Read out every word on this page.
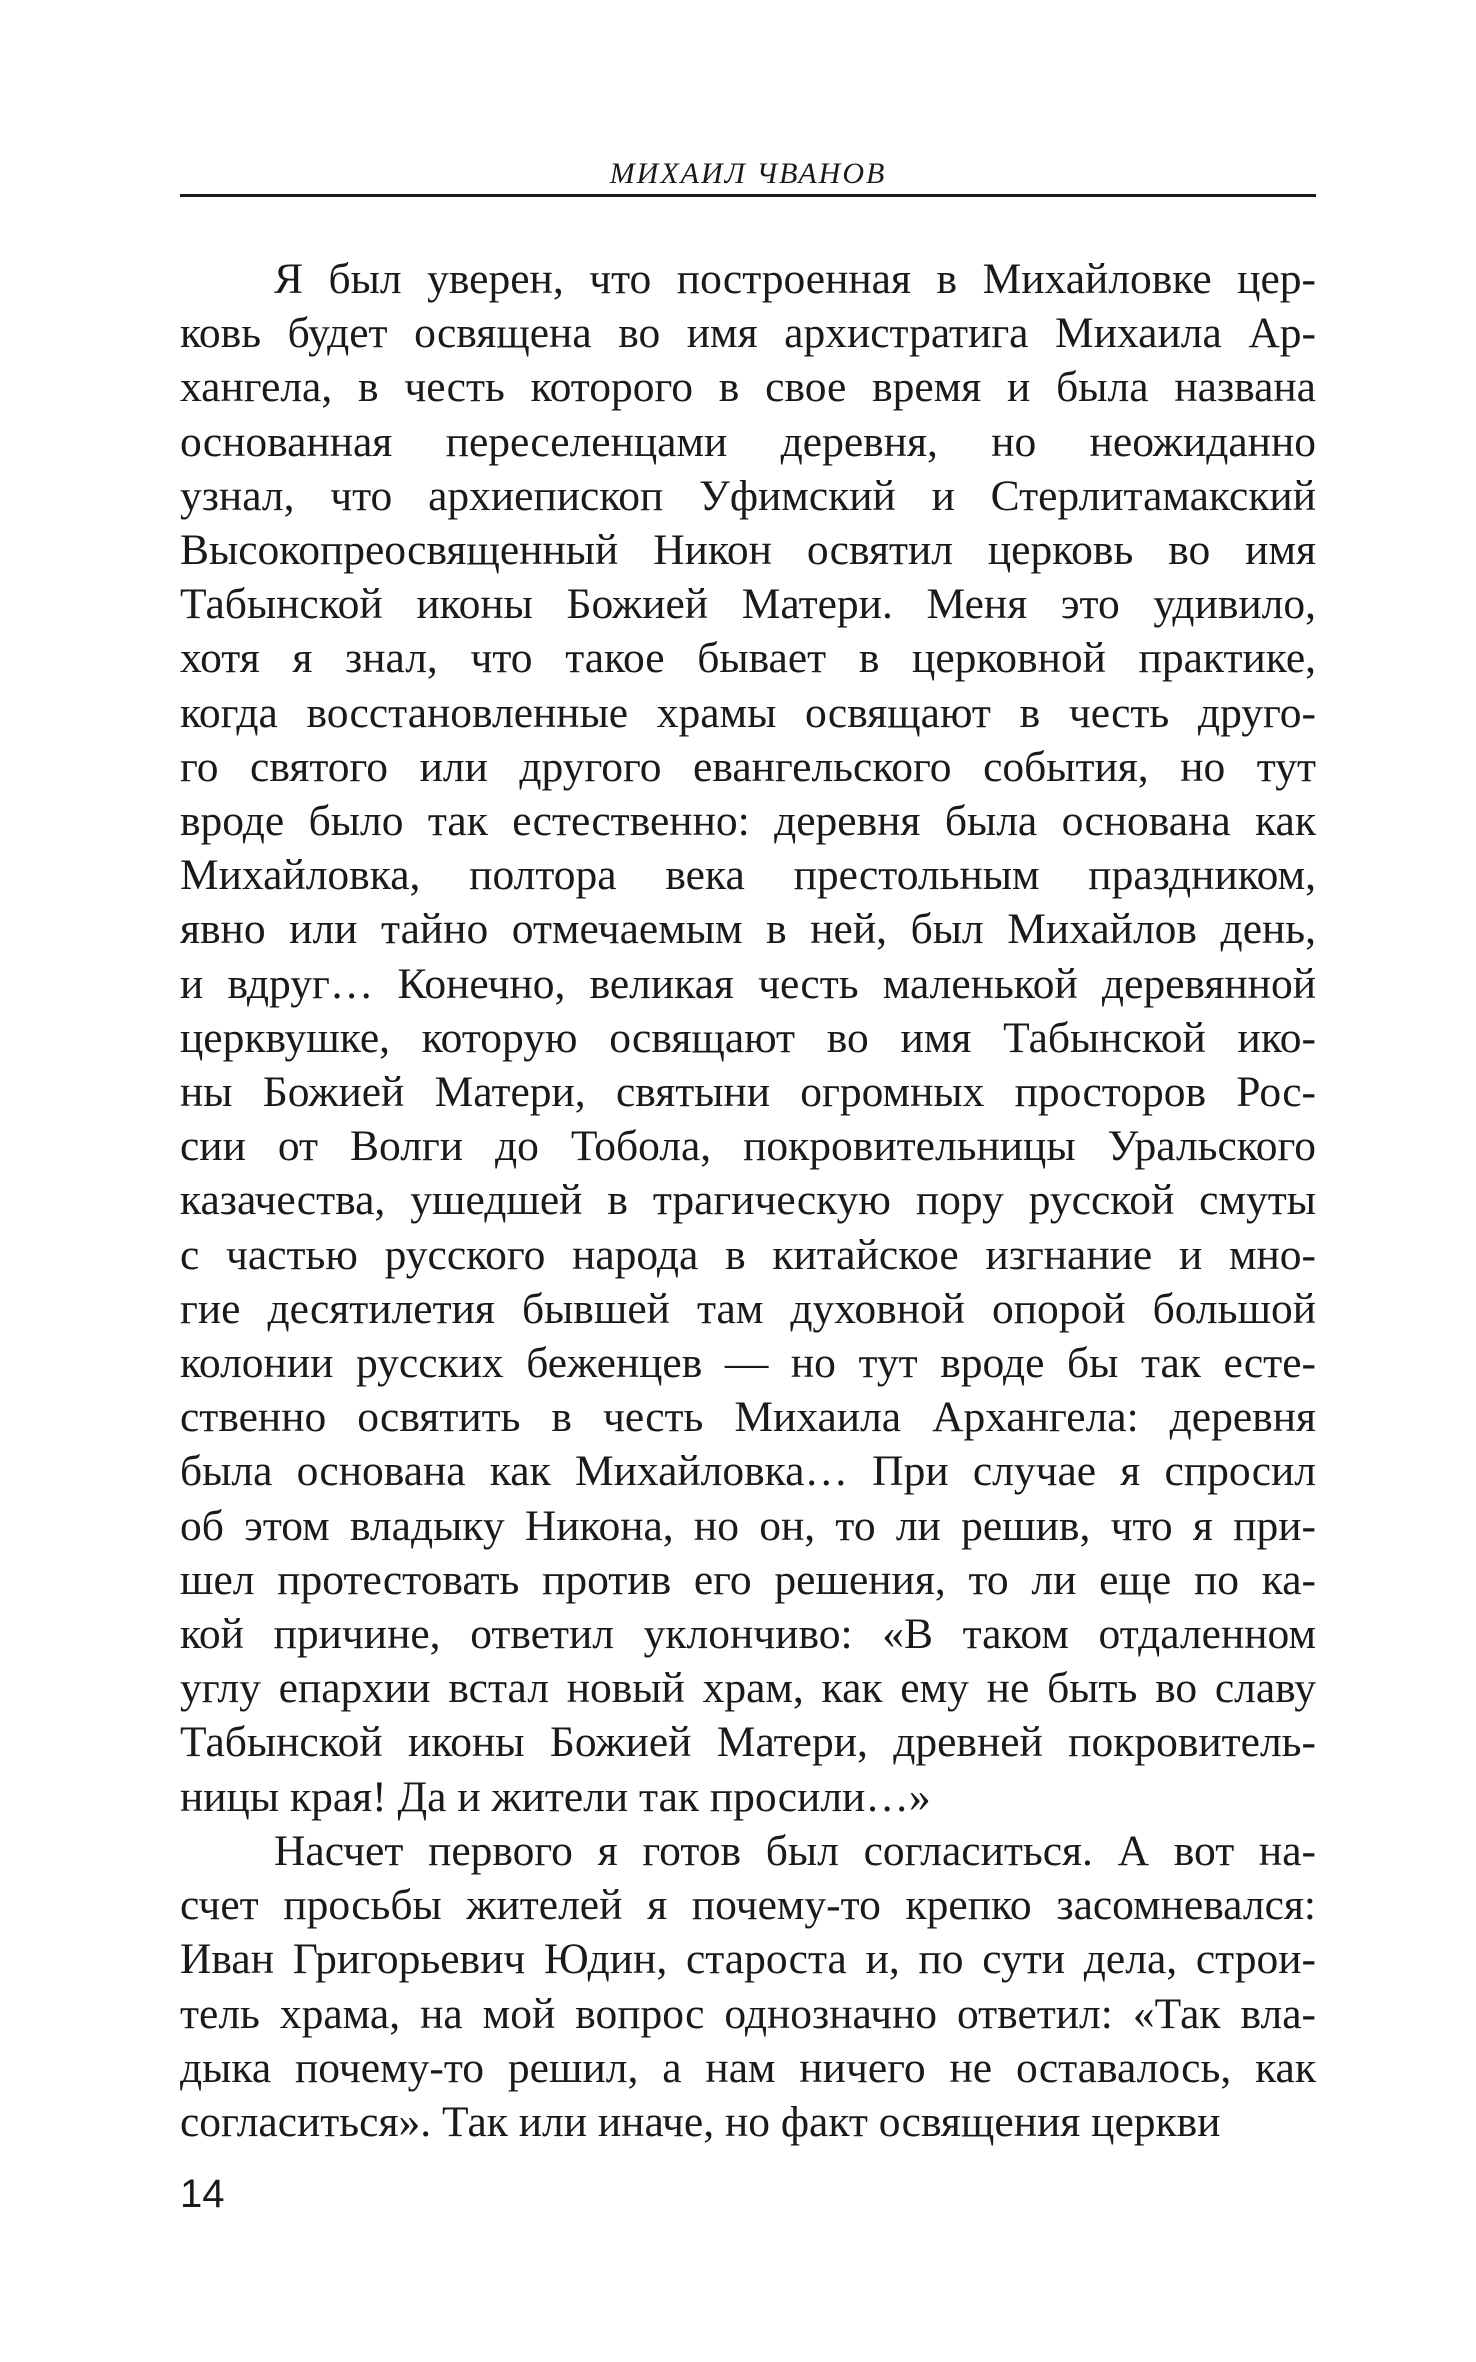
МИХАИЛ ЧВАНОВ
Я был уверен, что построенная в Михайловке цер-
ковь будет освящена во имя архистратига Михаила Ар-
хангела, в честь которого в свое время и была названа
основанная переселенцами деревня, но неожиданно
узнал, что архиепископ Уфимский и Стерлитамакский
Высокопреосвященный Никон освятил церковь во имя
Табынской иконы Божией Матери. Меня это удивило,
хотя я знал, что такое бывает в церковной практике,
когда восстановленные храмы освящают в честь друго-
го святого или другого евангельского события, но тут
вроде было так естественно: деревня была основана как
Михайловка, полтора века престольным праздником,
явно или тайно отмечаемым в ней, был Михайлов день,
и вдруг… Конечно, великая честь маленькой деревянной
церквушке, которую освящают во имя Табынской ико-
ны Божией Матери, святыни огромных просторов Рос-
сии от Волги до Тобола, покровительницы Уральского
казачества, ушедшей в трагическую пору русской смуты
с частью русского народа в китайское изгнание и мно-
гие десятилетия бывшей там духовной опорой большой
колонии русских беженцев — но тут вроде бы так есте-
ственно освятить в честь Михаила Архангела: деревня
была основана как Михайловка… При случае я спросил
об этом владыку Никона, но он, то ли решив, что я при-
шел протестовать против его решения, то ли еще по ка-
кой причине, ответил уклончиво: «В таком отдаленном
углу епархии встал новый храм, как ему не быть во славу
Табынской иконы Божией Матери, древней покровитель-
ницы края! Да и жители так просили…»
Насчет первого я готов был согласиться. А вот на-
счет просьбы жителей я почему-то крепко засомневался:
Иван Григорьевич Юдин, староста и, по сути дела, строи-
тель храма, на мой вопрос однозначно ответил: «Так вла-
дыка почему-то решил, а нам ничего не оставалось, как
согласиться». Так или иначе, но факт освящения церкви
14
